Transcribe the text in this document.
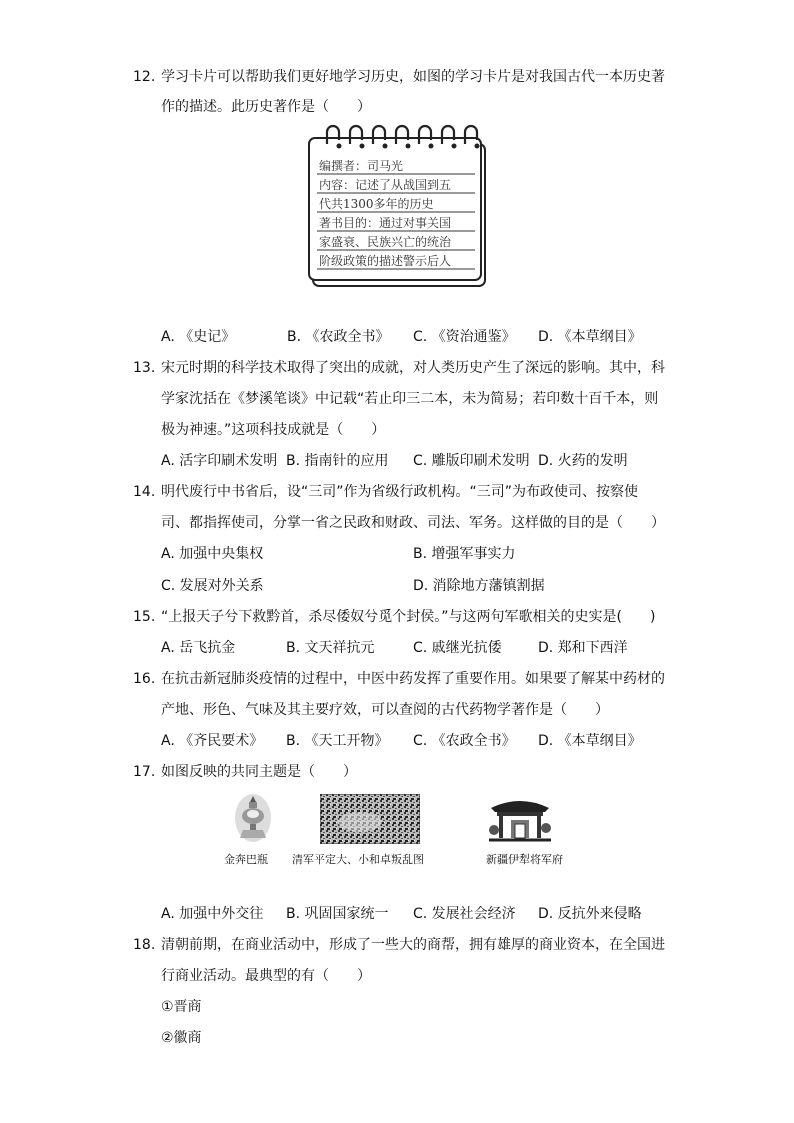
12. 学习卡片可以帮助我们更好地学习历史，如图的学习卡片是对我国古代一本历史著
作的描述。此历史著作是（　　）
编撰者：司马光
内容：记述了从战国到五
代共1300多年的历史
著书目的：通过对事关国
家盛衰、民族兴亡的统治
阶级政策的描述警示后人
A. 《史记》	B. 《农政全书》 C. 《资治通鉴》 D. 《本草纲目》
13. 宋元时期的科学技术取得了突出的成就，对人类历史产生了深远的影响。其中，科
学家沈括在《梦溪笔谈》中记载“若止印三二本，未为简易；若印数十百千本，则
极为神速。”这项科技成就是（　　）
A. 活字印刷术发明 B. 指南针的应用 C. 雕版印刷术发明 D. 火药的发明
14. 明代废行中书省后，设“三司”作为省级行政机构。“三司”为布政使司、按察使
司、都指挥使司，分掌一省之民政和财政、司法、军务。这样做的目的是（　　）
A. 加强中央集权	B. 增强军事实力
C. 发展对外关系	D. 消除地方藩镇割据
15. “上报天子兮下救黔首，杀尽倭奴兮觅个封侯。”与这两句军歌相关的史实是(　　)
A. 岳飞抗金	B. 文天祥抗元	C. 戚继光抗倭	D. 郑和下西洋
16. 在抗击新冠肺炎疫情的过程中，中医中药发挥了重要作用。如果要了解某中药材的
产地、形色、气味及其主要疗效，可以查阅的古代药物学著作是（　　）
A. 《齐民要术》 B. 《天工开物》 C. 《农政全书》 D. 《本草纲目》
17. 如图反映的共同主题是（　　）
金奔巴瓶 清军平定大、小和卓叛乱图	新疆伊犁将军府
A. 加强中外交往 B. 巩固国家统一 C. 发展社会经济 D. 反抗外来侵略
18. 清朝前期，在商业活动中，形成了一些大的商帮，拥有雄厚的商业资本，在全国进
行商业活动。最典型的有（　　）
①晋商
②徽商
